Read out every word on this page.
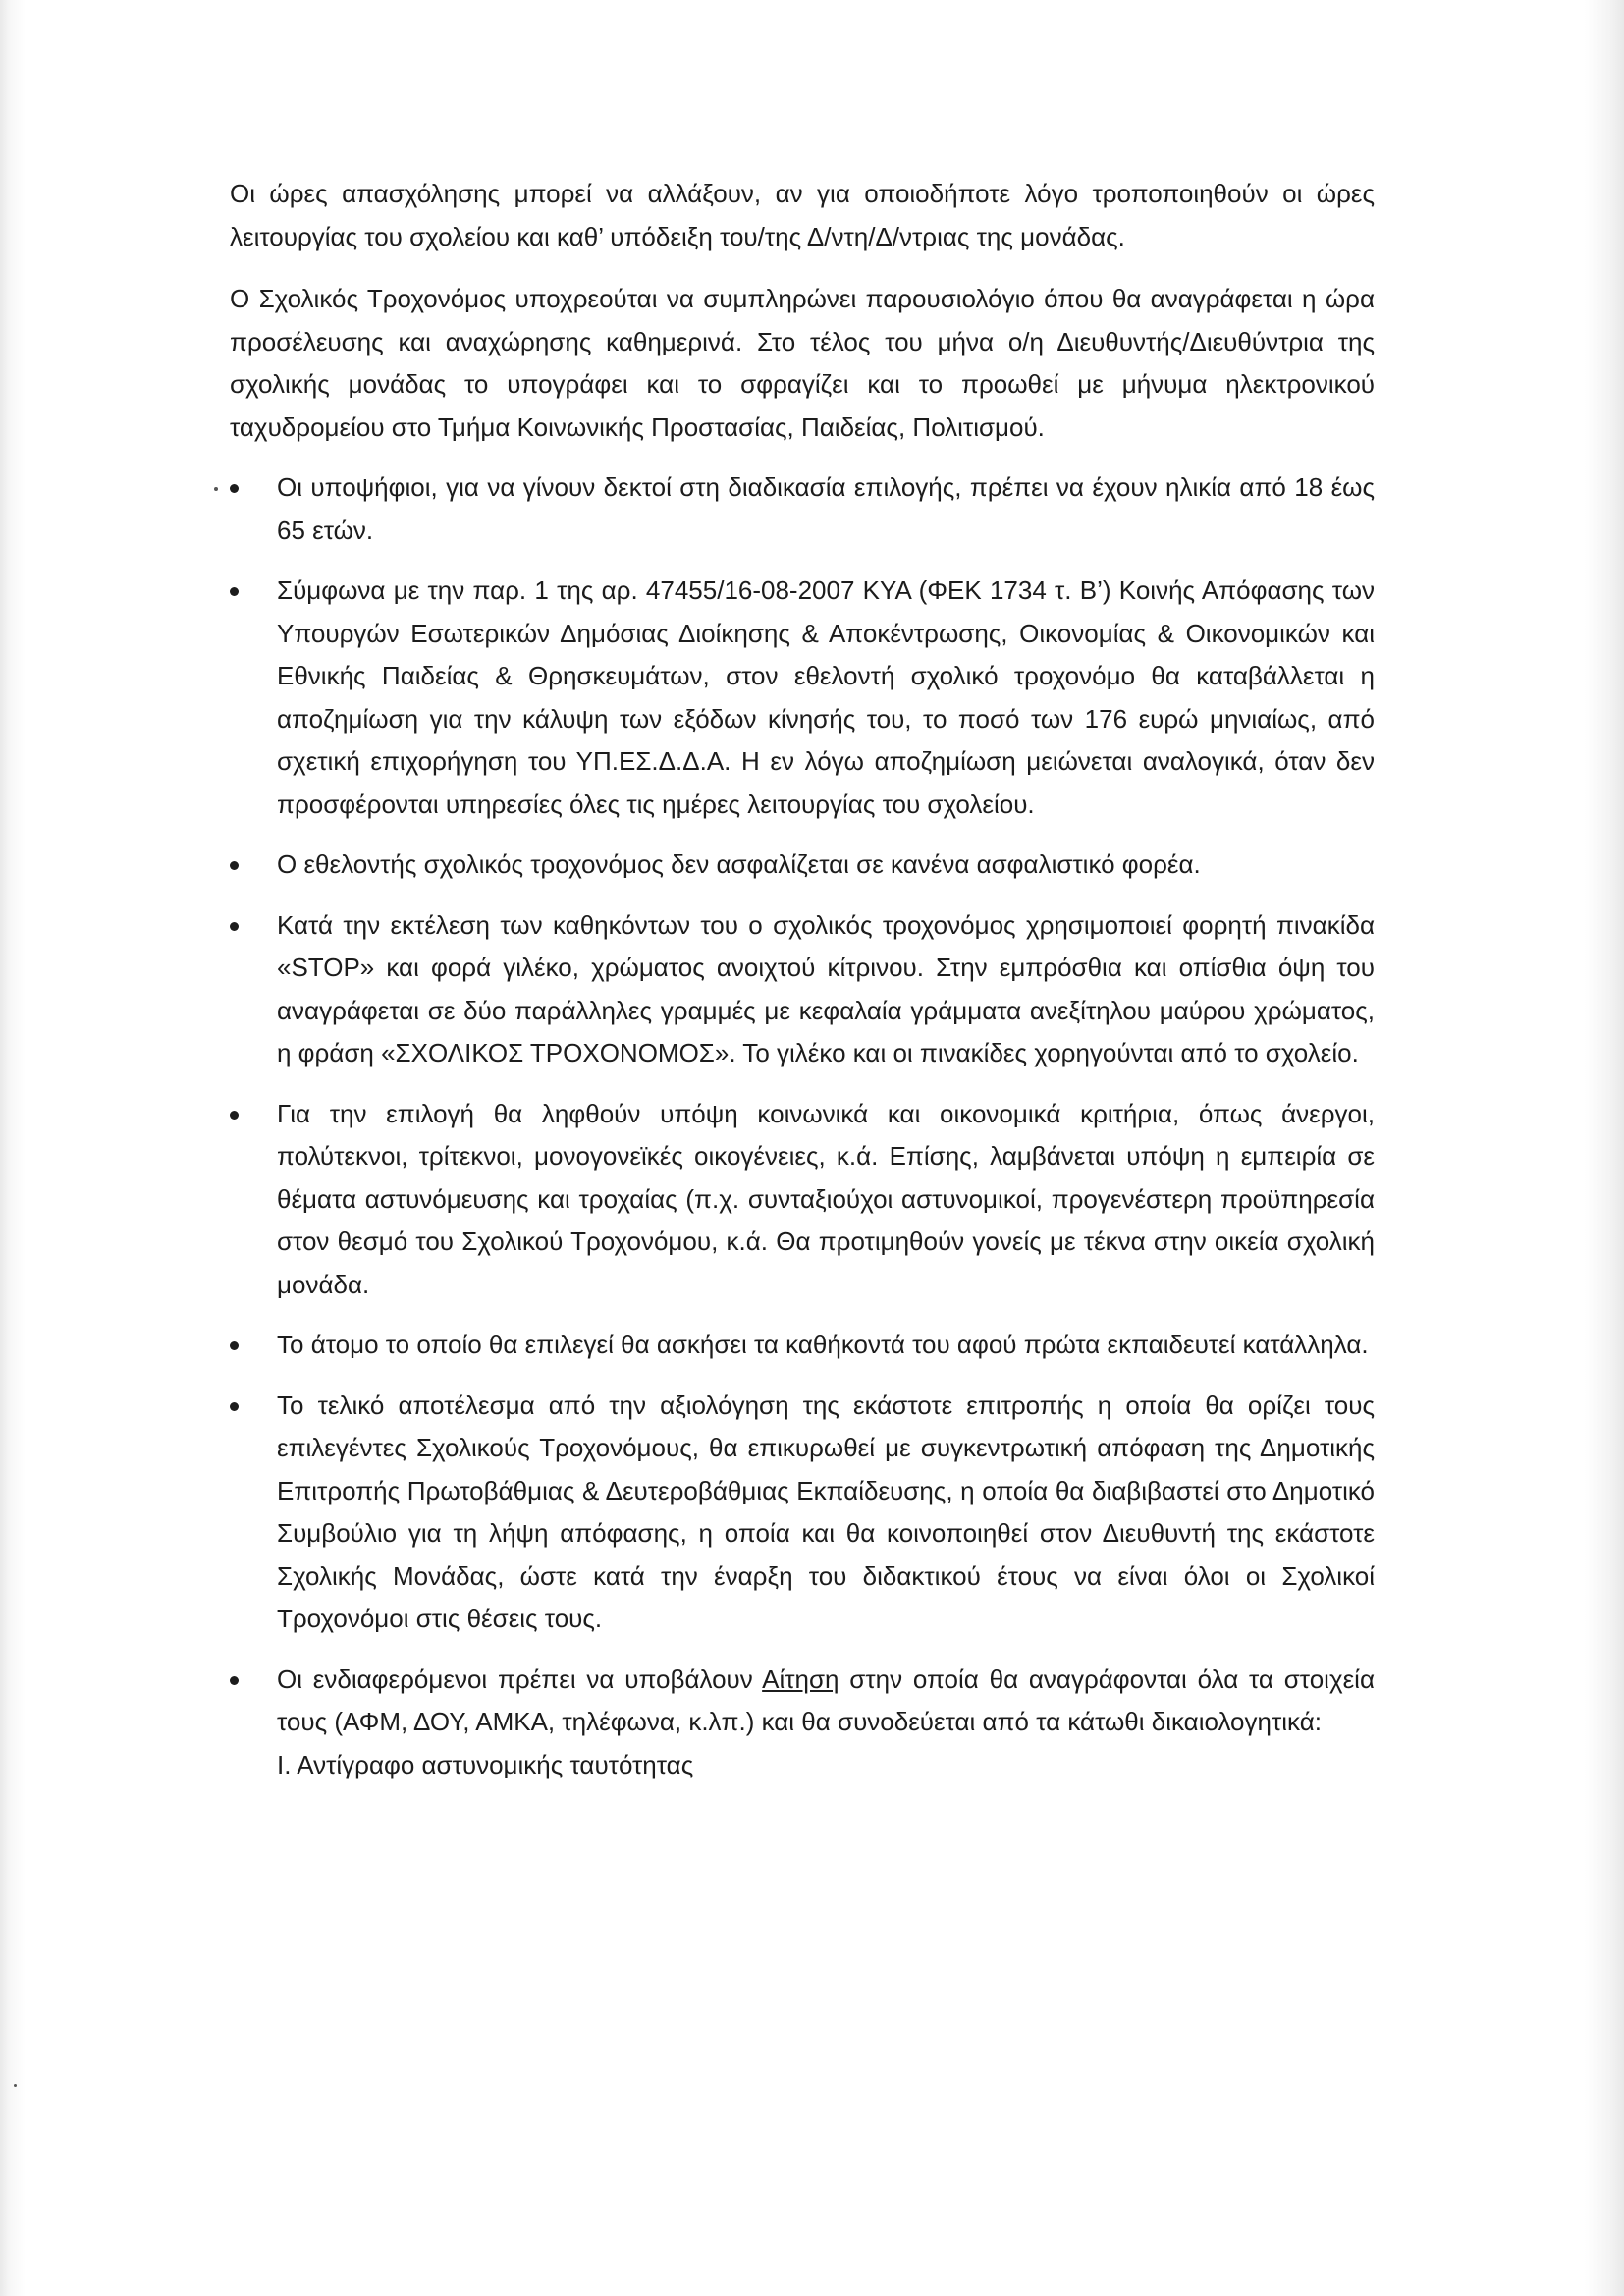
Οι ώρες απασχόλησης μπορεί να αλλάξουν, αν για οποιοδήποτε λόγο τροποποιηθούν οι ώρες λειτουργίας του σχολείου και καθ’ υπόδειξη του/της Δ/ντη/Δ/ντριας της μονάδας.

Ο Σχολικός Τροχονόμος υποχρεούται να συμπληρώνει παρουσιολόγιο όπου θα αναγράφεται η ώρα προσέλευσης και αναχώρησης καθημερινά. Στο τέλος του μήνα ο/η Διευθυντής/Διευθύντρια της σχολικής μονάδας το υπογράφει και το σφραγίζει και το προωθεί με μήνυμα ηλεκτρονικού ταχυδρομείου στο Τμήμα Κοινωνικής Προστασίας, Παιδείας, Πολιτισμού.

Οι υποψήφιοι, για να γίνουν δεκτοί στη διαδικασία επιλογής, πρέπει να έχουν ηλικία από 18 έως 65 ετών.
Σύμφωνα με την παρ. 1 της αρ. 47455/16-08-2007 ΚΥΑ (ΦΕΚ 1734 τ. Β’) Κοινής Απόφασης των Υπουργών Εσωτερικών Δημόσιας Διοίκησης & Αποκέντρωσης, Οικονομίας & Οικονομικών και Εθνικής Παιδείας & Θρησκευμάτων, στον εθελοντή σχολικό τροχονόμο θα καταβάλλεται η αποζημίωση για την κάλυψη των εξόδων κίνησής του, το ποσό των 176 ευρώ μηνιαίως, από σχετική επιχορήγηση του ΥΠ.ΕΣ.Δ.Δ.Α. Η εν λόγω αποζημίωση μειώνεται αναλογικά, όταν δεν προσφέρονται υπηρεσίες όλες τις ημέρες λειτουργίας του σχολείου.
Ο εθελοντής σχολικός τροχονόμος δεν ασφαλίζεται σε κανένα ασφαλιστικό φορέα.
Κατά την εκτέλεση των καθηκόντων του ο σχολικός τροχονόμος χρησιμοποιεί φορητή πινακίδα «STOP» και φορά γιλέκο, χρώματος ανοιχτού κίτρινου. Στην εμπρόσθια και οπίσθια όψη του αναγράφεται σε δύο παράλληλες γραμμές με κεφαλαία γράμματα ανεξίτηλου μαύρου χρώματος, η φράση «ΣΧΟΛΙΚΟΣ ΤΡΟΧΟΝΟΜΟΣ». Το γιλέκο και οι πινακίδες χορηγούνται από το σχολείο.
Για την επιλογή θα ληφθούν υπόψη κοινωνικά και οικονομικά κριτήρια, όπως άνεργοι, πολύτεκνοι, τρίτεκνοι, μονογονεϊκές οικογένειες, κ.ά. Επίσης, λαμβάνεται υπόψη η εμπειρία σε θέματα αστυνόμευσης και τροχαίας (π.χ. συνταξιούχοι αστυνομικοί, προγενέστερη προϋπηρεσία στον θεσμό του Σχολικού Τροχονόμου, κ.ά. Θα προτιμηθούν γονείς με τέκνα στην οικεία σχολική μονάδα.
Το άτομο το οποίο θα επιλεγεί θα ασκήσει τα καθήκοντά του αφού πρώτα εκπαιδευτεί κατάλληλα.
Το τελικό αποτέλεσμα από την αξιολόγηση της εκάστοτε επιτροπής η οποία θα ορίζει τους επιλεγέντες Σχολικούς Τροχονόμους, θα επικυρωθεί με συγκεντρωτική απόφαση της Δημοτικής Επιτροπής Πρωτοβάθμιας & Δευτεροβάθμιας Εκπαίδευσης, η οποία θα διαβιβαστεί στο Δημοτικό Συμβούλιο για τη λήψη απόφασης, η οποία και θα κοινοποιηθεί στον Διευθυντή της εκάστοτε Σχολικής Μονάδας, ώστε κατά την έναρξη του διδακτικού έτους να είναι όλοι οι Σχολικοί Τροχονόμοι στις θέσεις τους.
Οι ενδιαφερόμενοι πρέπει να υποβάλουν Αίτηση στην οποία θα αναγράφονται όλα τα στοιχεία τους (ΑΦΜ, ΔΟΥ, ΑΜΚΑ, τηλέφωνα, κ.λπ.) και θα συνοδεύεται από τα κάτωθι δικαιολογητικά:
Ι. Αντίγραφο αστυνομικής ταυτότητας
